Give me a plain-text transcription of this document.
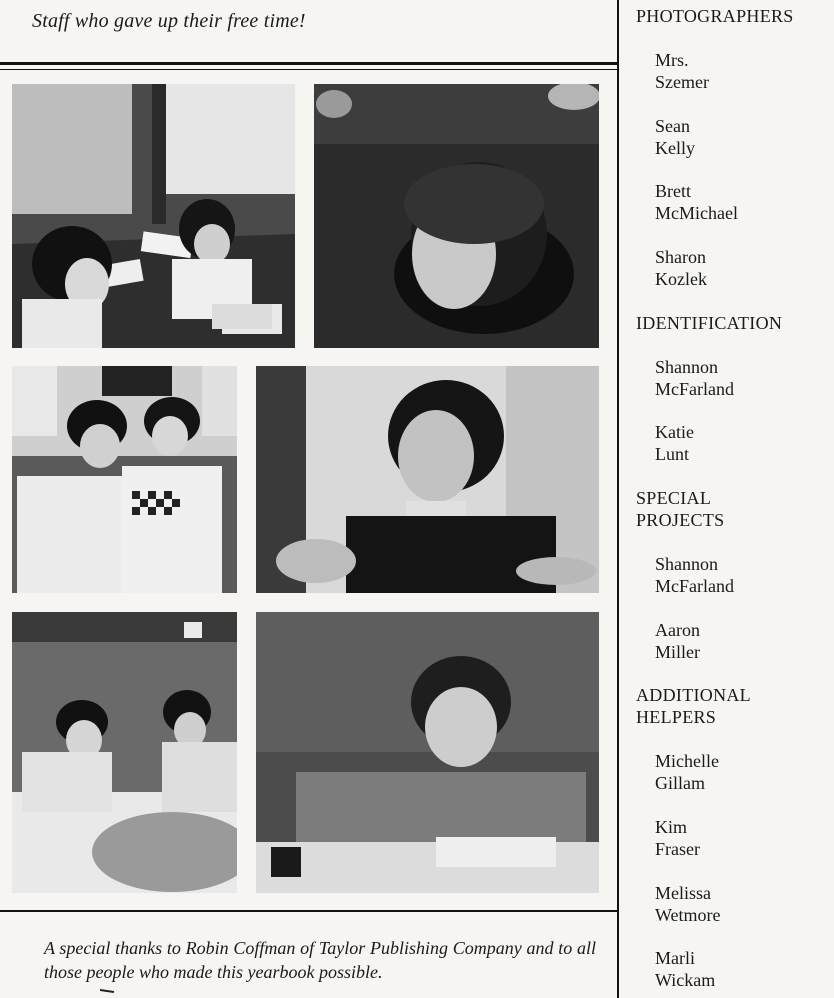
Staff who gave up their free time!
A special thanks to Robin Coffman of Taylor Publishing Company and to all those people who made this yearbook possible.
PHOTOGRAPHERS
Mrs.
Szemer
Sean
Kelly
Brett
McMichael
Sharon
Kozlek
IDENTIFICATION
Shannon
McFarland
Katie
Lunt
SPECIAL
PROJECTS
Shannon
McFarland
Aaron
Miller
ADDITIONAL
HELPERS
Michelle
Gillam
Kim
Fraser
Melissa
Wetmore
Marli
Wickam
